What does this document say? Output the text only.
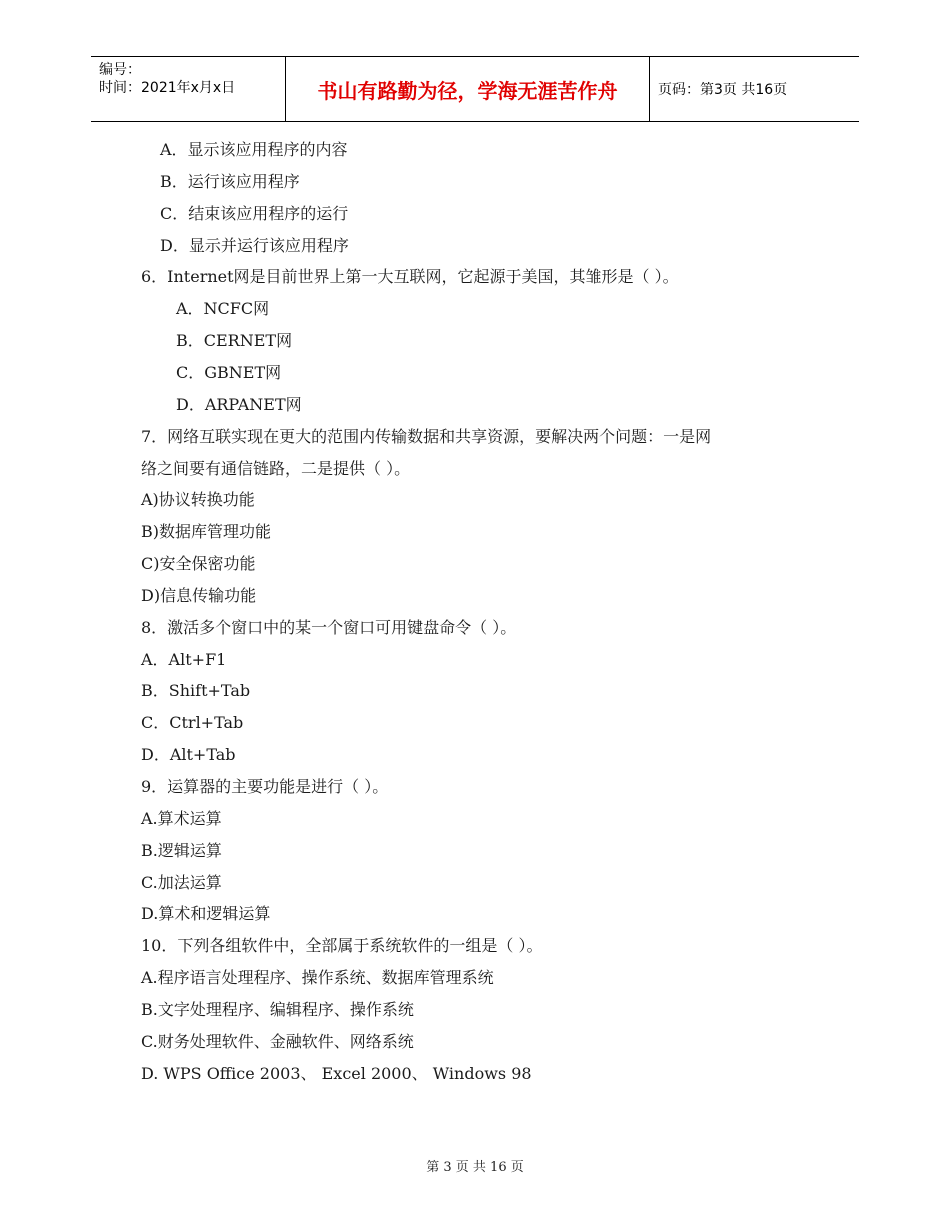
编号：
时间：2021年x月x日	书山有路勤为径，学海无涯苦作舟	页码：第3页 共16页
A．显示该应用程序的内容
B．运行该应用程序
C．结束该应用程序的运行
D．显示并运行该应用程序
6．Internet网是目前世界上第一大互联网，它起源于美国，其雏形是（ ）。
A．NCFC网
B．CERNET网
C．GBNET网
D．ARPANET网
7．网络互联实现在更大的范围内传输数据和共享资源，要解决两个问题：一是网
络之间要有通信链路，二是提供（ ）。
A)协议转换功能
B)数据库管理功能
C)安全保密功能
D)信息传输功能
8．激活多个窗口中的某一个窗口可用键盘命令（ ）。
A．Alt+F1
B．Shift+Tab
C．Ctrl+Tab
D．Alt+Tab
9．运算器的主要功能是进行（ ）。
A.算术运算
B.逻辑运算
C.加法运算
D.算术和逻辑运算
10．下列各组软件中，全部属于系统软件的一组是（ ）。
A.程序语言处理程序、操作系统、数据库管理系统
B.文字处理程序、编辑程序、操作系统
C.财务处理软件、金融软件、网络系统
D. WPS Office 2003、 Excel 2000、 Windows 98
第 3 页 共 16 页
